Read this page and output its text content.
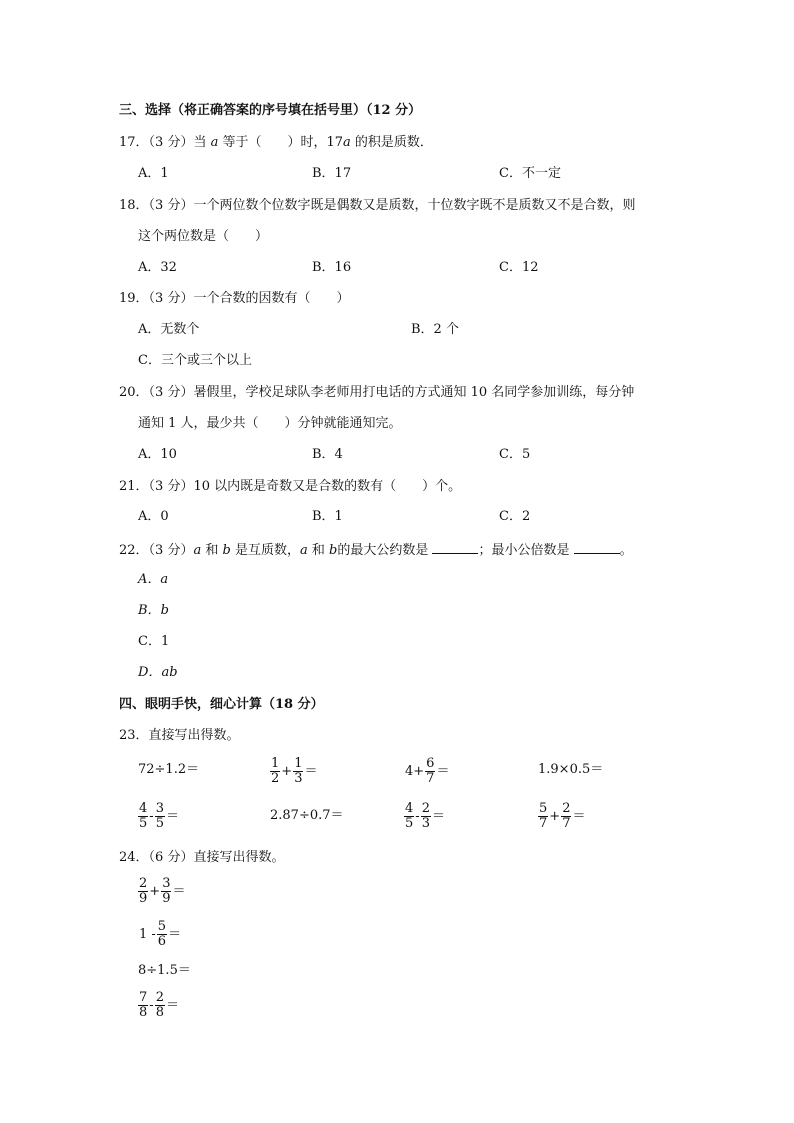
三、选择（将正确答案的序号填在括号里）（12 分）
17．（3 分）当 a 等于（　　）时，17a 的积是质数．
A．1	B．17	C．不一定
18．（3 分）一个两位数个位数字既是偶数又是质数，十位数字既不是质数又不是合数，则
这个两位数是（　　）
A．32	B．16	C．12
19．（3 分）一个合数的因数有（　　）
A．无数个	B．2 个
C．三个或三个以上
20．（3 分）暑假里，学校足球队李老师用打电话的方式通知 10 名同学参加训练，每分钟
通知 1 人，最少共（　　）分钟就能通知完。
A．10	B．4	C．5
21．（3 分）10 以内既是奇数又是合数的数有（　　）个。
A．0	B．1	C．2
22．（3 分）a 和 b 是互质数，a 和 b的最大公约数是	；最小公倍数是	。
A．a
B．b
C．1
D．ab
四、眼明手快，细心计算（18 分）
23．直接写出得数。
72÷1.2＝	$\frac{1}{2} + \frac{1}{3}$ ＝	$4+ \frac{6}{7}$ ＝	1.9×0.5＝
$\frac{4}{5} - \frac{3}{5}$ ＝	2.87÷0.7＝	$\frac{4}{5} - \frac{2}{3}$ ＝	$\frac{5}{7} + \frac{2}{7}$ ＝
24．（6 分）直接写出得数。
$\frac{2}{9} + \frac{3}{9}$ ＝
$1 - \frac{5}{6}$ ＝
8÷1.5＝
$\frac{7}{8} - \frac{2}{8}$ ＝
